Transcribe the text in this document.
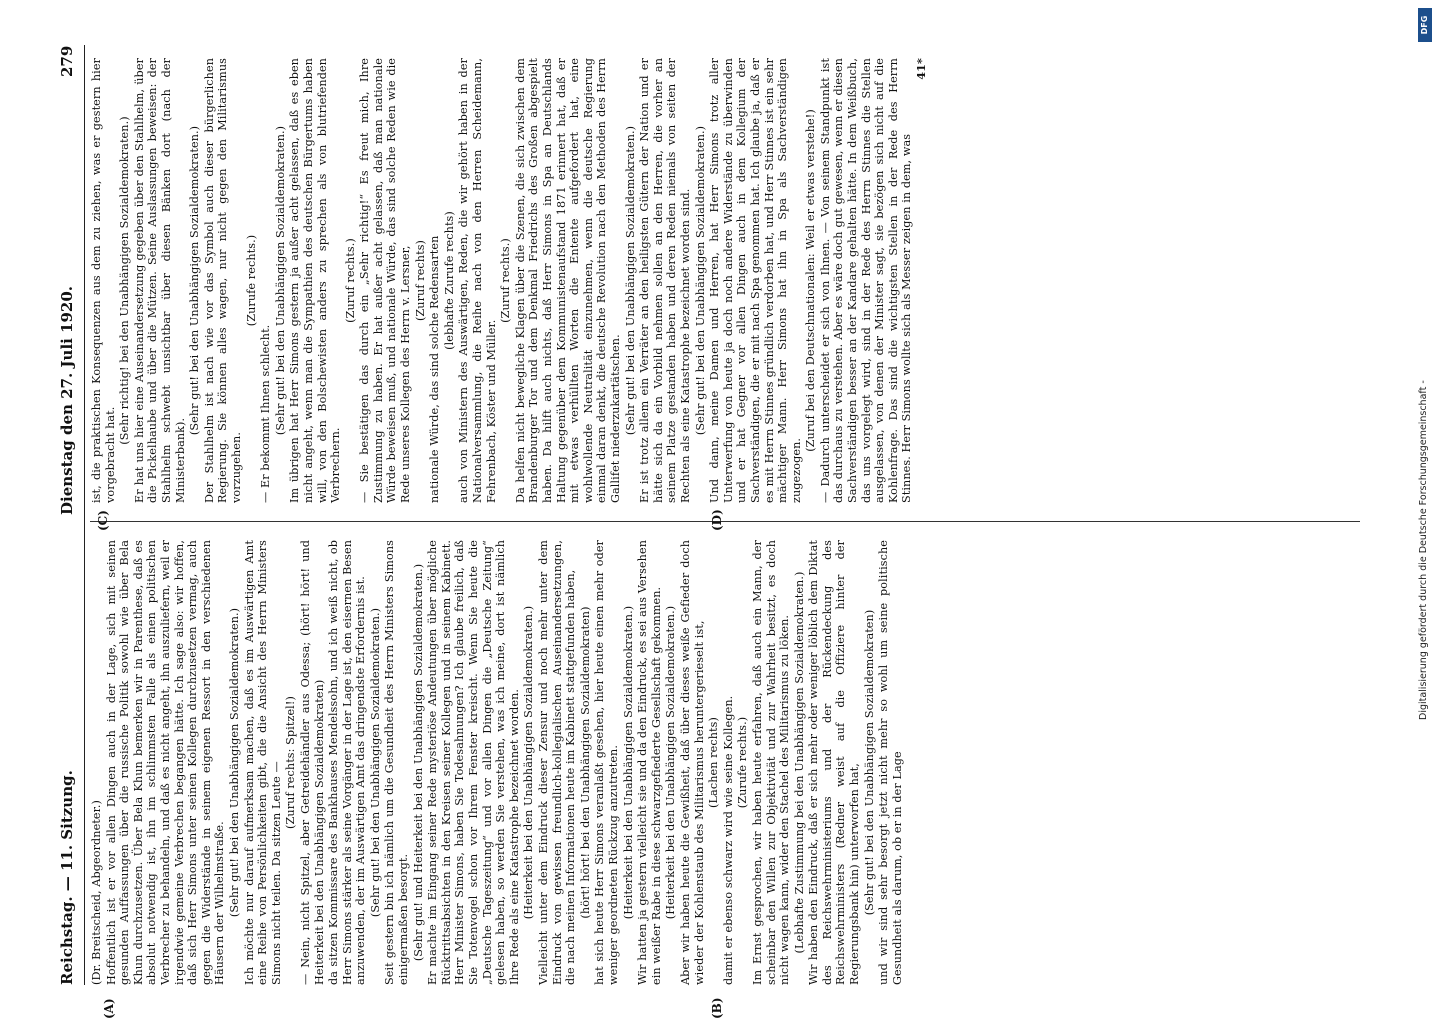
Reichstag. — 11. Sitzung.
Dienstag den 27. Juli 1920.
279
(A)	(B)
(C)	(D)

(Dr. Breitscheid, Abgeordneter.) Hoffentlich ist er vor allen Dingen auch in der Lage, sich mit seinen gesunden Auffassungen über die russische Politik sowohl wie über Bela Khun durchzusetzen. Über Bela Khun bemerken wir in Parenthese, daß es absolut notwendig ist, ihn im schlimmsten Falle als einen politischen Verbrecher zu behandeln, und daß es nicht angeht, ihn auszuliefern, weil er irgendwie gemeine Verbrechen begangen hätte. Ich sage also: wir hoffen, daß sich Herr Simons unter seinen Kollegen durchzusetzen vermag, auch gegen die Widerstände in seinem eigenen Ressort in den verschiedenen Häusern der Wilhelmstraße. (Sehr gut! bei den Unabhängigen Sozialdemokraten.) Ich möchte nur darauf aufmerksam machen, daß es im Auswärtigen Amt eine Reihe von Persönlichkeiten gibt, die die Ansicht des Herrn Ministers Simons nicht teilen. Da sitzen Leute — (Zuruf rechts: Spitzel!) — Nein, nicht Spitzel, aber Getreidehändler aus Odessa; (hört! hört! und Heiterkeit bei den Unabhängigen Sozialdemokraten) da sitzen Kommissare des Bankhauses Mendelssohn, und ich weiß nicht, ob Herr Simons stärker als seine Vorgänger in der Lage ist, den eisernen Besen anzuwenden, der im Auswärtigen Amt das dringendste Erfordernis ist. (Sehr gut! bei den Unabhängigen Sozialdemokraten.) Seit gestern bin ich nämlich um die Gesundheit des Herrn Ministers Simons einigermaßen besorgt. (Sehr gut! und Heiterkeit bei den Unabhängigen Sozialdemokraten.) Er machte im Eingang seiner Rede mysteriöse Andeutungen über mögliche Rücktrittsabsichten in den Kreisen seiner Kollegen und in seinem Kabinett. Herr Minister Simons, haben Sie Todesahnungen? Ich glaube freilich, daß Sie Totenvogel schon vor Ihrem Fenster kreischt. Wenn Sie heute die „Deutsche Tageszeitung“ und vor allen Dingen die „Deutsche Zeitung“ gelesen haben, so werden Sie verstehen, was ich meine, dort ist nämlich Ihre Rede als eine Katastrophe bezeichnet worden. (Heiterkeit bei den Unabhängigen Sozialdemokraten.) Vielleicht unter dem Eindruck dieser Zensur und noch mehr unter dem Eindruck von gewissen freundlich-kollegialischen Auseinandersetzungen, die nach meinen Informationen heute im Kabinett stattgefunden haben, (hört! hört! bei den Unabhängigen Sozialdemokraten) hat sich heute Herr Simons veranlaßt gesehen, hier heute einen mehr oder weniger geordneten Rückzug anzutreten. (Heiterkeit bei den Unabhängigen Sozialdemokraten.) Wir hatten ja gestern vielleicht sie und da den Eindruck, es sei aus Versehen ein weißer Rabe in diese schwarzgefiederte Gesellschaft gekommen. (Heiterkeit bei den Unabhängigen Sozialdemokraten.) Aber wir haben heute die Gewißheit, daß über dieses weiße Gefieder doch wieder der Kohlenstaub des Militarismus heruntergerieselt ist, (Lachen rechts) damit er ebenso schwarz wird wie seine Kollegen. (Zurufe rechts.) Im Ernst gesprochen, wir haben heute erfahren, daß auch ein Mann, der scheinbar den Willen zur Objektivität und zur Wahrheit besitzt, es doch nicht wagen kann, wider den Stachel des Militarismus zu löken. (Lebhafte Zustimmung bei den Unabhängigen Sozialdemokraten.) Wir haben den Eindruck, daß er sich mehr oder weniger löblich dem Diktat des Reichswehrministeriums und der Rückendeckung des Reichswehrministers (Redner weist auf die Offiziere hinter der Regierungsbank hin) unterworfen hat, (Sehr gut! bei den Unabhängigen Sozialdemokraten) und wir sind sehr besorgt jetzt nicht mehr so wohl um seine politische Gesundheit als darum, ob er in der Lage

ist, die praktischen Konsequenzen aus dem zu ziehen, was er gestern hier vorgebracht hat.

(Sehr richtig! bei den Unabhängigen Sozialdemokraten.) Er hat uns hier eine Auseinandersetzung gegeben über den Stahlhelm, über die Pickelhaube und über die Mützen. Seine Auslassungen beweisen: der Stahlhelm schwebt unsichtbar über diesen Bänken dort (nach der Ministerbank).

(Sehr gut! bei den Unabhängigen Sozialdemokraten.) Der Stahlhelm ist nach wie vor das Symbol auch dieser bürgerlichen Regierung. Sie können alles wagen, nur nicht gegen den Militarismus vorzugehen.

(Zurufe rechts.)

— Er bekommt Ihnen schlecht. (Sehr gut! bei den Unabhängigen Sozialdemokraten.) Im übrigen hat Herr Simons gestern ja außer acht gelassen, daß es eben nicht angeht, wenn man die Sympathien des deutschen Bürgertums haben will, von den Bolschewisten anders zu sprechen als von blutriefenden Verbrechern.

(Zuruf rechts.) — Sie bestätigen das durch ein „Sehr richtig!“ Es freut mich, Ihre Zustimmung zu haben. Er hat außer acht gelassen, daß man nationale Würde beweisen muß, und nationale Würde, das sind solche Reden wie die Rede unseres Kollegen des Herrn v. Lersner, (Zuruf rechts) nationale Würde, das sind solche Redensarten (lebhafte Zurufe rechts) auch von Ministern des Auswärtigen, Reden, die wir gehört haben in der Nationalversammlung, die Reihe nach von den Herren Scheidemann, Fehrenbach, Köster und Müller.

(Zuruf rechts.) Da helfen nicht bewegliche Klagen über die Szenen, die sich zwischen dem Brandenburger Tor und dem Denkmal Friedrichs des Großen abgespielt haben. Da hilft auch nichts, daß Herr Simons in Spa an Deutschlands Haltung gegenüber dem Kommunistenaufstand 1871 erinnert hat, daß er mit etwas verhüllten Worten die Entente aufgefordert hat, eine wohlwollende Neutralität einzunehmen, wenn die deutsche Regierung einmal daran denkt, die deutsche Revolution nach den Methoden des Herrn Gallifet niederzukartätschen. (Sehr gut! bei den Unabhängigen Sozialdemokraten.) Er ist trotz allem ein Verräter an den heiligsten Gütern der Nation und er hätte sich da ein Vorbild nehmen sollen an den Herren, die vorher an seinem Platze gestanden haben und deren Reden niemals von seiten der Rechten als eine Katastrophe bezeichnet worden sind. (Sehr gut! bei den Unabhängigen Sozialdemokraten.) Und dann, meine Damen und Herren, hat Herr Simons trotz aller Unterwerfung von heute ja doch noch andere Widerstände zu überwinden und er hat Gegner vor allen Dingen auch in dem Kollegium der Sachverständigen, die er mit nach Spa genommen hat. Ich glaube ja, daß er es mit Herrn Stinnes gründlich verdorben hat, und Herr Stinnes ist ein sehr mächtiger Mann. Herr Simons hat ihn in Spa als Sachverständigen zugezogen.

(Zuruf bei den Deutschnationalen: Weil er etwas verstehe!) — Dadurch unterscheidet er sich von Ihnen. — Von seinem Standpunkt ist das durchaus zu verstehen. Aber es wäre doch gut gewesen, wenn er diesen Sachverständigen besser an der Kandare gehalten hätte. In dem Weißbuch, das uns vorgelegt wird, sind in der Rede des Herrn Stinnes die Stellen ausgelassen, von denen der Minister sagt, sie bezögen sich nicht auf die Kohlenfrage. Das sind die wichtigsten Stellen in der Rede des Herrn Stinnes. Herr Simons wollte sich als Messer zeigen in dem, was

41*

DFG
Digitalisierung gefördert durch die Deutsche Forschungsgemeinschaft -
